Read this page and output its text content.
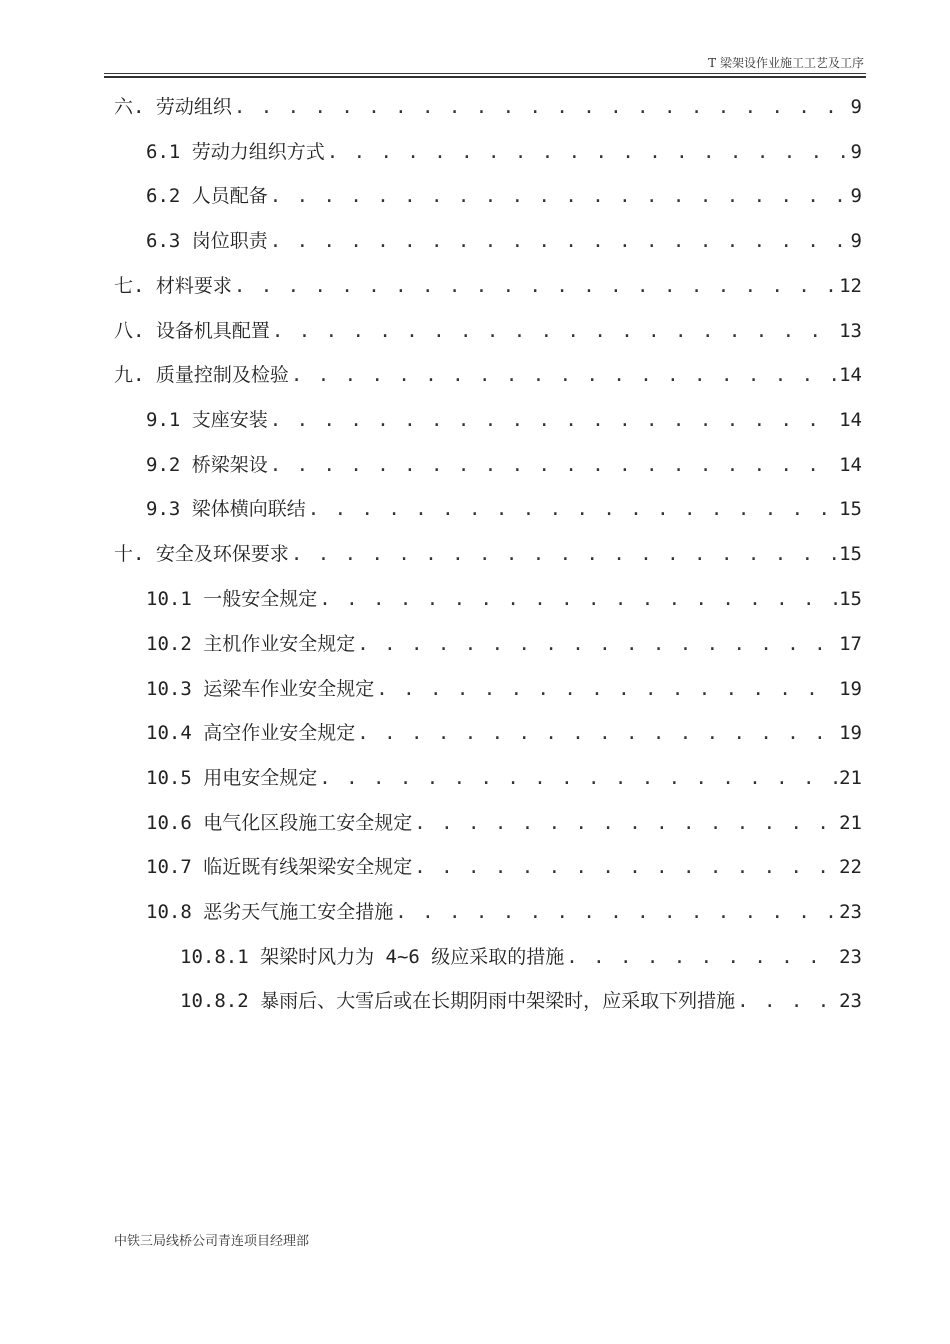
T 梁架设作业施工工艺及工序
六. 劳动组织 . . .	9
6.1 劳动力组织方式 . . .	9
6.2 人员配备 . . .	9
6.3 岗位职责 . . .	9
七. 材料要求 . . .	12
八. 设备机具配置 . . .	13
九. 质量控制及检验 . . .	14
9.1 支座安装 . . .	14
9.2 桥梁架设 . . .	14
9.3 梁体横向联结 . . .	15
十. 安全及环保要求 . . .	15
10.1 一般安全规定 . . .	15
10.2 主机作业安全规定 . . .	17
10.3 运梁车作业安全规定 . . .	19
10.4 高空作业安全规定 . . .	19
10.5 用电安全规定 . . .	21
10.6 电气化区段施工安全规定 . . .	21
10.7 临近既有线架梁安全规定 . . .	22
10.8 恶劣天气施工安全措施 . . .	23
10.8.1 架梁时风力为 4~6 级应采取的措施 . . .	23
10.8.2 暴雨后、大雪后或在长期阴雨中架梁时，应采取下列措施 . . .	23
中铁三局线桥公司青连项目经理部
